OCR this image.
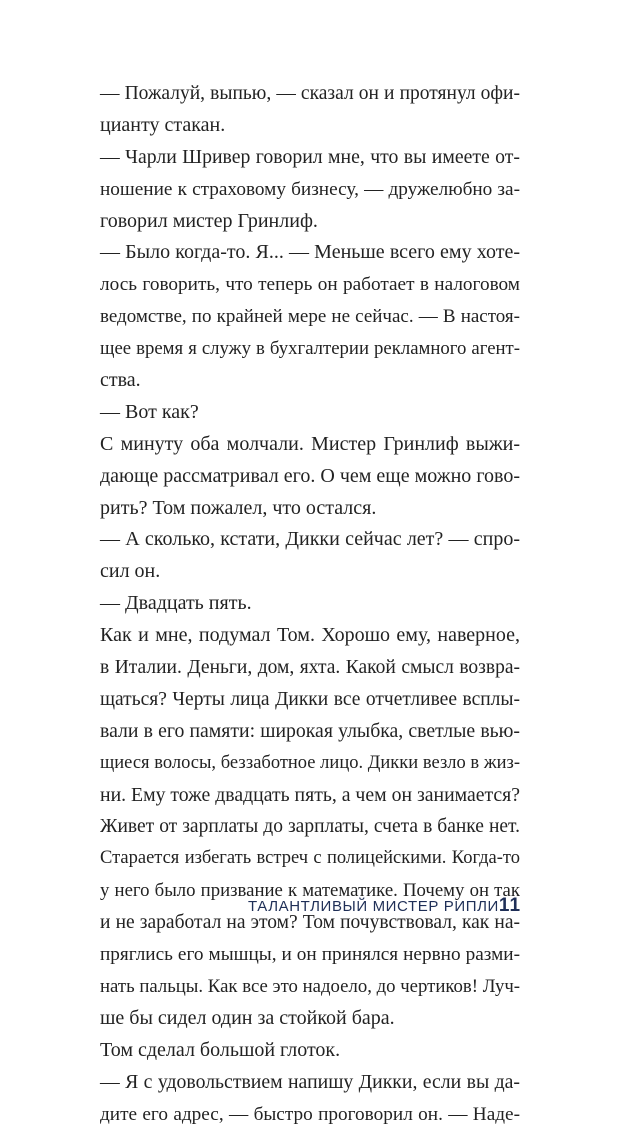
— Пожалуй, выпью, — сказал он и протянул офи-
цианту стакан.
— Чарли Шривер говорил мне, что вы имеете от-
ношение к страховому бизнесу, — дружелюбно за-
говорил мистер Гринлиф.
— Было когда-то. Я... — Меньше всего ему хоте-
лось говорить, что теперь он работает в налоговом
ведомстве, по крайней мере не сейчас. — В настоя-
щее время я служу в бухгалтерии рекламного агент-
ства.
— Вот как?
С минуту оба молчали. Мистер Гринлиф выжи-
дающе рассматривал его. О чем еще можно гово-
рить? Том пожалел, что остался.
— А сколько, кстати, Дикки сейчас лет? — спро-
сил он.
— Двадцать пять.
Как и мне, подумал Том. Хорошо ему, наверное,
в Италии. Деньги, дом, яхта. Какой смысл возвра-
щаться? Черты лица Дикки все отчетливее всплы-
вали в его памяти: широкая улыбка, светлые вью-
щиеся волосы, беззаботное лицо. Дикки везло в жиз-
ни. Ему тоже двадцать пять, а чем он занимается?
Живет от зарплаты до зарплаты, счета в банке нет.
Старается избегать встреч с полицейскими. Когда-то
у него было призвание к математике. Почему он так
и не заработал на этом? Том почувствовал, как на-
пряглись его мышцы, и он принялся нервно разми-
нать пальцы. Как все это надоело, до чертиков! Луч-
ше бы сидел один за стойкой бара.
Том сделал большой глоток.
— Я с удовольствием напишу Дикки, если вы да-
дите его адрес, — быстро проговорил он. — Наде-
ТАЛАНТЛИВЫЙ МИСТЕР РИПЛИ 11
